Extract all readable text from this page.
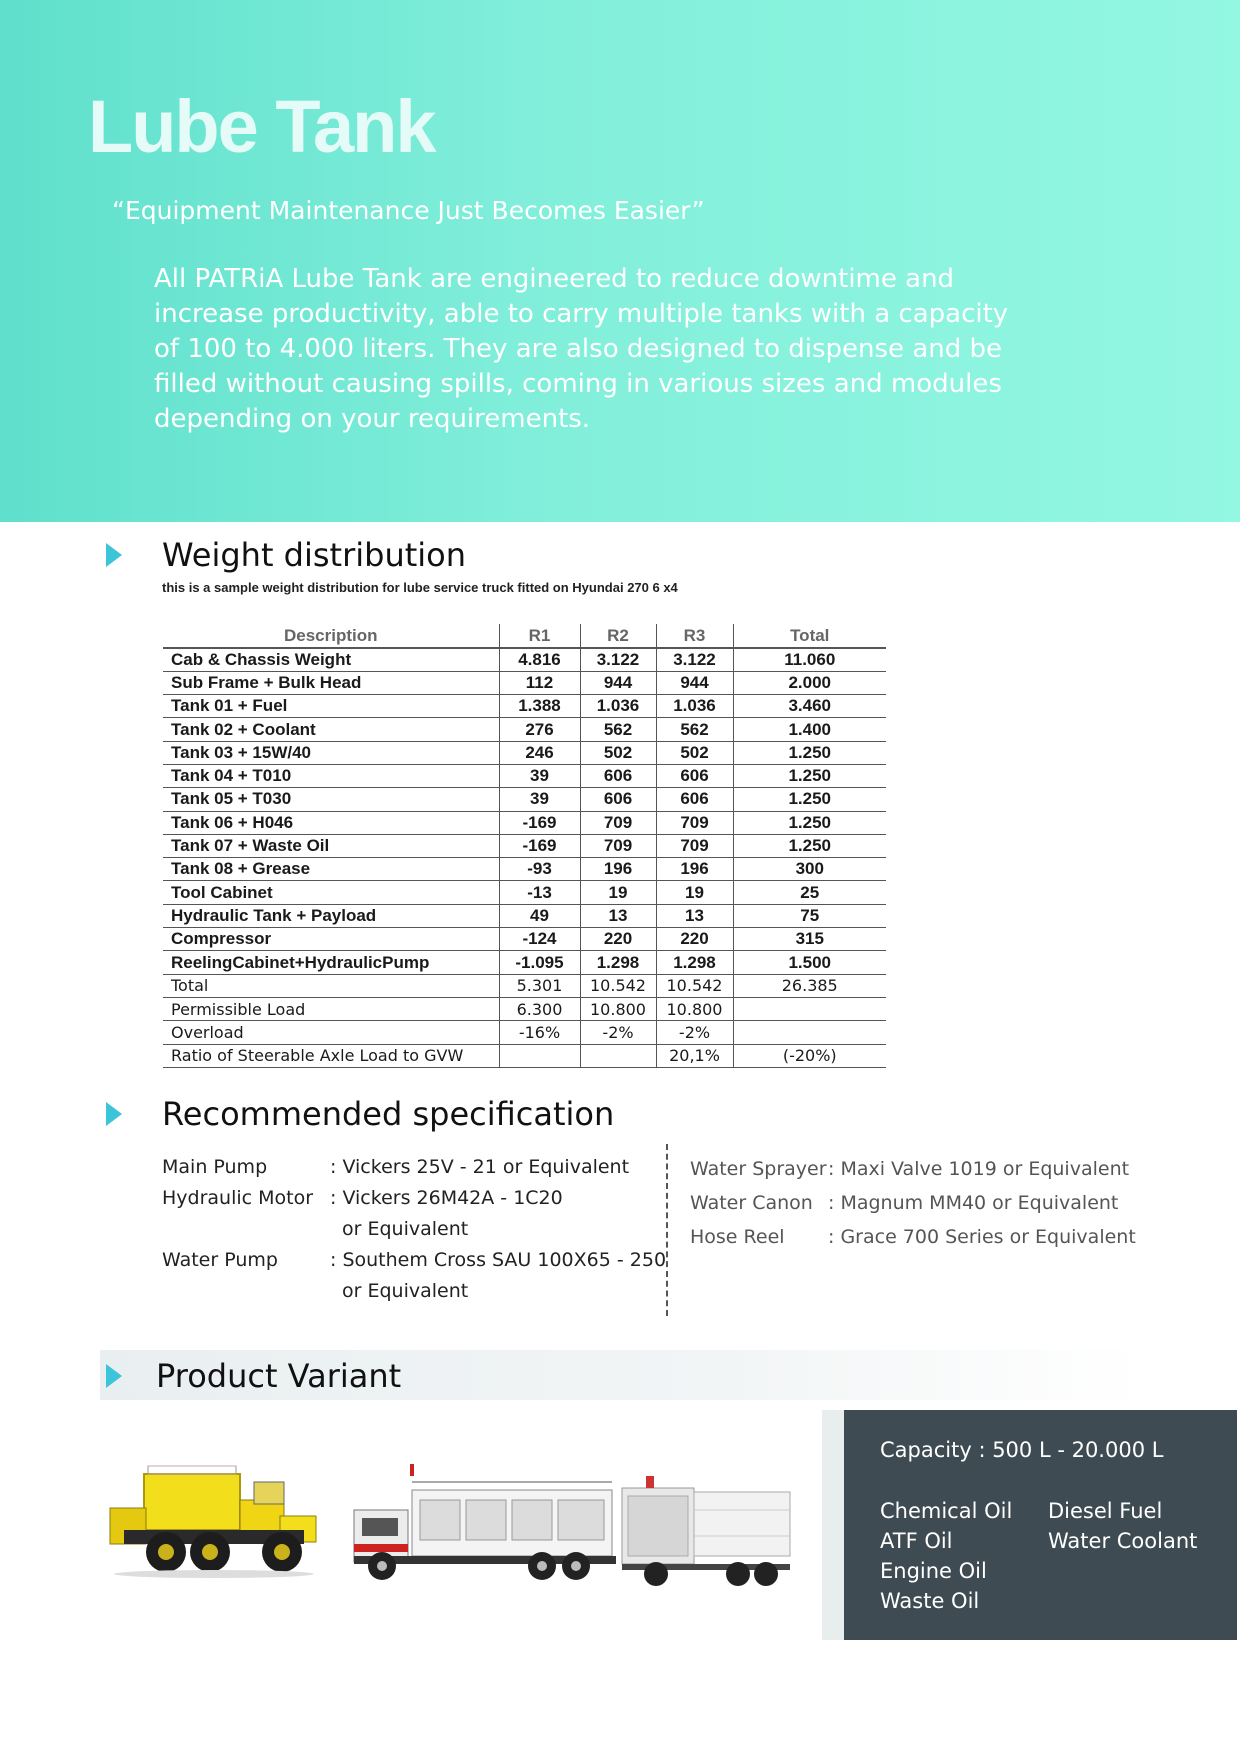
Lube Tank
“Equipment Maintenance Just Becomes Easier”
All PATRiA Lube Tank are engineered to reduce downtime and increase productivity, able to carry multiple tanks with a capacity of 100 to 4.000 liters. They are also designed to dispense and be filled without causing spills, coming in various sizes and modules depending on your requirements.
Weight distribution
this is a sample weight distribution for lube service truck fitted on Hyundai 270 6 x4
Description	R1	R2	R3	Total
Cab & Chassis Weight	4.816	3.122	3.122	11.060
Sub Frame + Bulk Head	112	944	944	2.000
Tank 01 + Fuel	1.388	1.036	1.036	3.460
Tank 02 + Coolant	276	562	562	1.400
Tank 03 + 15W/40	246	502	502	1.250
Tank 04 + T010	39	606	606	1.250
Tank 05 + T030	39	606	606	1.250
Tank 06 + H046	-169	709	709	1.250
Tank 07 + Waste Oil	-169	709	709	1.250
Tank 08 + Grease	-93	196	196	300
Tool Cabinet	-13	19	19	25
Hydraulic Tank + Payload	49	13	13	75
Compressor	-124	220	220	315
ReelingCabinet+HydraulicPump	-1.095	1.298	1.298	1.500
Total	5.301	10.542	10.542	26.385
Permissible Load	6.300	10.800	10.800	
Overload	-16%	-2%	-2%	
Ratio of Steerable Axle Load to GVW			20,1%	(-20%)
Recommended specification
Main Pump	: Vickers 25V - 21 or Equivalent
Hydraulic Motor : Vickers 26M42A - 1C20
or Equivalent
Water Pump	: Southem Cross SAU 100X65 - 250
or Equivalent
Water Sprayer : Maxi Valve 1019 or Equivalent
Water Canon : Magnum MM40 or Equivalent
Hose Reel	: Grace 700 Series or Equivalent
Product Variant
Capacity : 500 L - 20.000 L
Chemical Oil
ATF Oil
Engine Oil
Waste Oil
Diesel Fuel
Water Coolant
